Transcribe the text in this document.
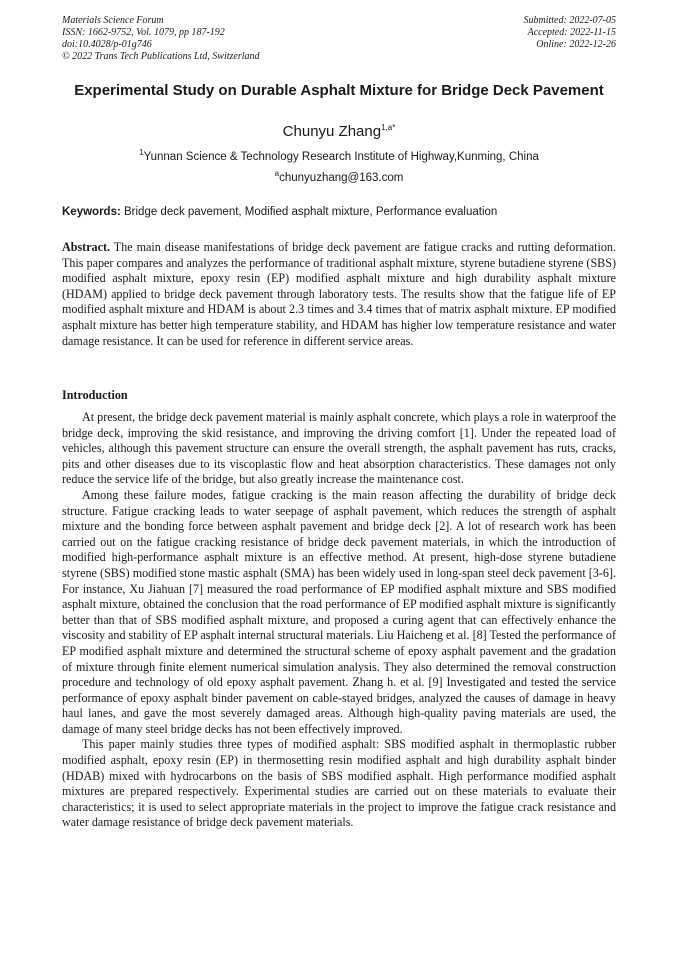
Materials Science Forum
ISSN: 1662-9752, Vol. 1079, pp 187-192
doi:10.4028/p-01g746
© 2022 Trans Tech Publications Ltd, Switzerland
Submitted: 2022-07-05
Accepted: 2022-11-15
Online: 2022-12-26
Experimental Study on Durable Asphalt Mixture for Bridge Deck Pavement
Chunyu Zhang$^{1,a*}$
$^1$Yunnan Science & Technology Research Institute of Highway,Kunming, China
$^a$chunyuzhang@163.com
Keywords: Bridge deck pavement, Modified asphalt mixture, Performance evaluation
Abstract. The main disease manifestations of bridge deck pavement are fatigue cracks and rutting deformation. This paper compares and analyzes the performance of traditional asphalt mixture, styrene butadiene styrene (SBS) modified asphalt mixture, epoxy resin (EP) modified asphalt mixture and high durability asphalt mixture (HDAM) applied to bridge deck pavement through laboratory tests. The results show that the fatigue life of EP modified asphalt mixture and HDAM is about 2.3 times and 3.4 times that of matrix asphalt mixture. EP modified asphalt mixture has better high temperature stability, and HDAM has higher low temperature resistance and water damage resistance. It can be used for reference in different service areas.
Introduction

At present, the bridge deck pavement material is mainly asphalt concrete, which plays a role in waterproof the bridge deck, improving the skid resistance, and improving the driving comfort [1]. Under the repeated load of vehicles, although this pavement structure can ensure the overall strength, the asphalt pavement has ruts, cracks, pits and other diseases due to its viscoplastic flow and heat absorption characteristics. These damages not only reduce the service life of the bridge, but also greatly increase the maintenance cost.

Among these failure modes, fatigue cracking is the main reason affecting the durability of bridge deck structure. Fatigue cracking leads to water seepage of asphalt pavement, which reduces the strength of asphalt mixture and the bonding force between asphalt pavement and bridge deck [2]. A lot of research work has been carried out on the fatigue cracking resistance of bridge deck pavement materials, in which the introduction of modified high-performance asphalt mixture is an effective method. At present, high-dose styrene butadiene styrene (SBS) modified stone mastic asphalt (SMA) has been widely used in long-span steel deck pavement [3-6]. For instance, Xu Jiahuan [7] measured the road performance of EP modified asphalt mixture and SBS modified asphalt mixture, obtained the conclusion that the road performance of EP modified asphalt mixture is significantly better than that of SBS modified asphalt mixture, and proposed a curing agent that can effectively enhance the viscosity and stability of EP asphalt internal structural materials. Liu Haicheng et al. [8] Tested the performance of EP modified asphalt mixture and determined the structural scheme of epoxy asphalt pavement and the gradation of mixture through finite element numerical simulation analysis. They also determined the removal construction procedure and technology of old epoxy asphalt pavement. Zhang h. et al. [9] Investigated and tested the service performance of epoxy asphalt binder pavement on cable-stayed bridges, analyzed the causes of damage in heavy haul lanes, and gave the most severely damaged areas. Although high-quality paving materials are used, the damage of many steel bridge decks has not been effectively improved.

This paper mainly studies three types of modified asphalt: SBS modified asphalt in thermoplastic rubber modified asphalt, epoxy resin (EP) in thermosetting resin modified asphalt and high durability asphalt binder (HDAB) mixed with hydrocarbons on the basis of SBS modified asphalt. High performance modified asphalt mixtures are prepared respectively. Experimental studies are carried out on these materials to evaluate their characteristics; it is used to select appropriate materials in the project to improve the fatigue crack resistance and water damage resistance of bridge deck pavement materials.
